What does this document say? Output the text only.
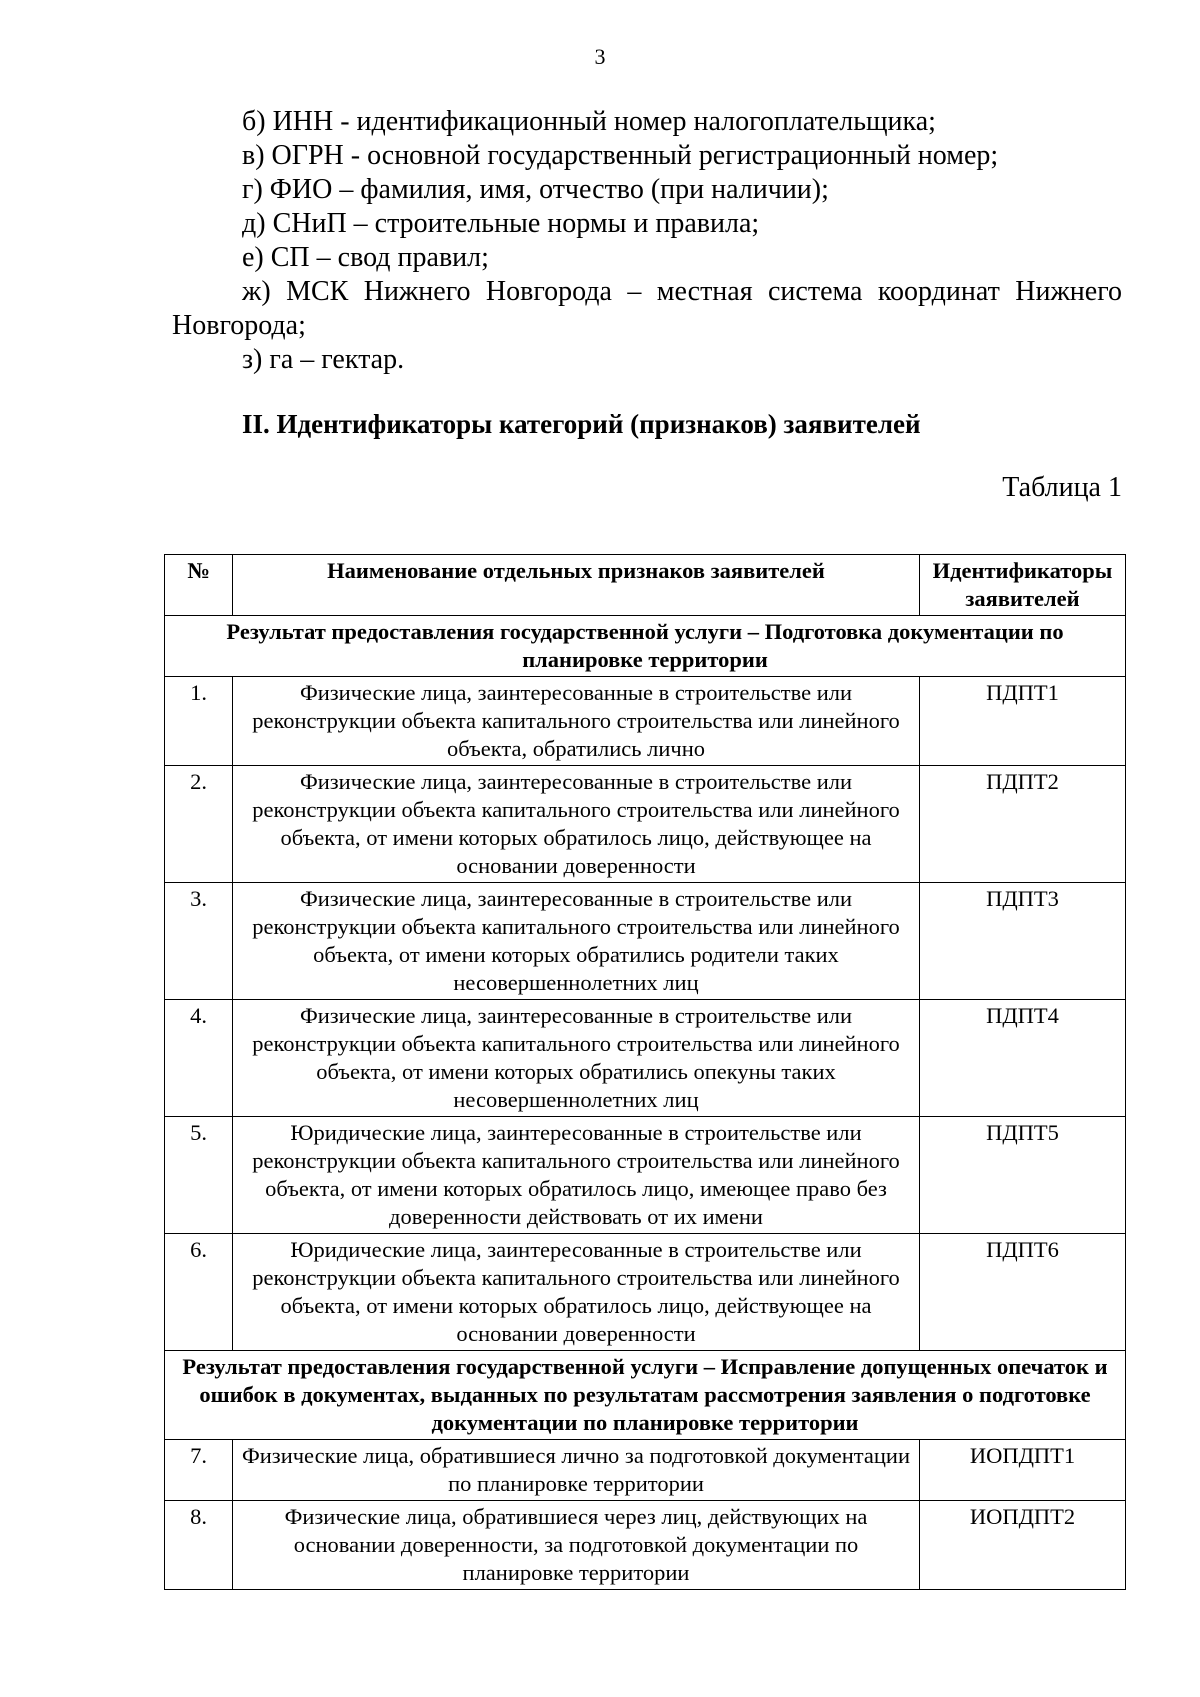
3
б) ИНН - идентификационный номер налогоплательщика;
в) ОГРН - основной государственный регистрационный номер;
г) ФИО – фамилия, имя, отчество (при наличии);
д) СНиП – строительные нормы и правила;
е) СП – свод правил;
ж) МСК Нижнего Новгорода – местная система координат Нижнего Новгорода;
з) га – гектар.
II. Идентификаторы категорий (признаков) заявителей
Таблица 1
№	Наименование отдельных признаков заявителей	Идентификаторы заявителей
Результат предоставления государственной услуги – Подготовка документации по планировке территории		
1.	Физические лица, заинтересованные в строительстве или реконструкции объекта капитального строительства или линейного объекта, обратились лично	ПДПТ1
2.	Физические лица, заинтересованные в строительстве или реконструкции объекта капитального строительства или линейного объекта, от имени которых обратилось лицо, действующее на основании доверенности	ПДПТ2
3.	Физические лица, заинтересованные в строительстве или реконструкции объекта капитального строительства или линейного объекта, от имени которых обратились родители таких несовершеннолетних лиц	ПДПТ3
4.	Физические лица, заинтересованные в строительстве или реконструкции объекта капитального строительства или линейного объекта, от имени которых обратились опекуны таких несовершеннолетних лиц	ПДПТ4
5.	Юридические лица, заинтересованные в строительстве или реконструкции объекта капитального строительства или линейного объекта, от имени которых обратилось лицо, имеющее право без доверенности действовать от их имени	ПДПТ5
6.	Юридические лица, заинтересованные в строительстве или реконструкции объекта капитального строительства или линейного объекта, от имени которых обратилось лицо, действующее на основании доверенности	ПДПТ6
Результат предоставления государственной услуги – Исправление допущенных опечаток и ошибок в документах, выданных по результатам рассмотрения заявления о подготовке документации по планировке территории		
7.	Физические лица, обратившиеся лично за подготовкой документации по планировке территории	ИОПДПТ1
8.	Физические лица, обратившиеся через лиц, действующих на основании доверенности, за подготовкой документации по планировке территории	ИОПДПТ2
